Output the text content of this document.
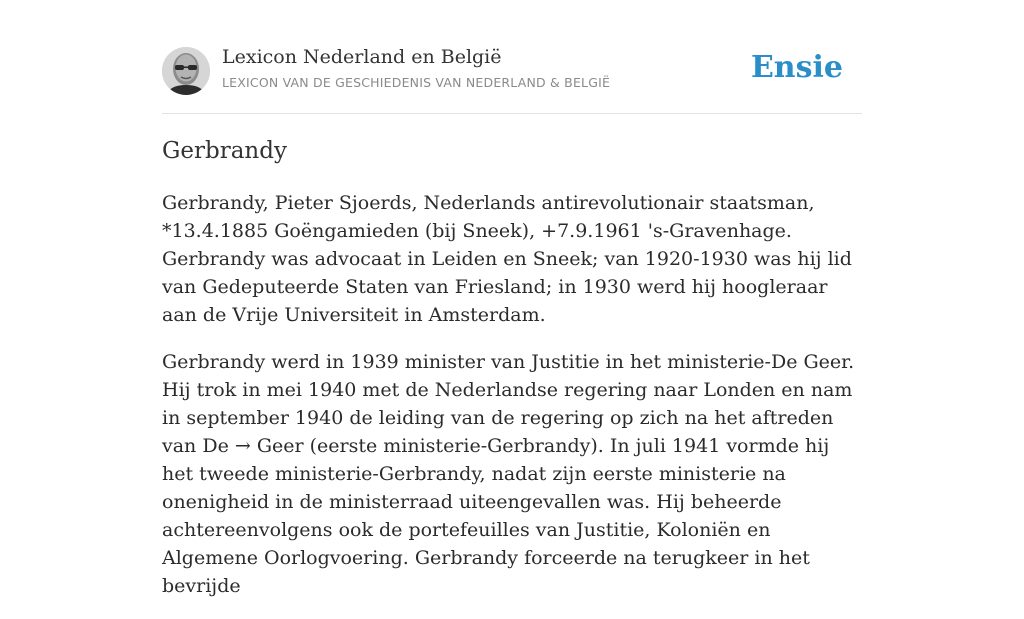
Lexicon Nederland en België
LEXICON VAN DE GESCHIEDENIS VAN NEDERLAND & BELGIË	Ensie
Gerbrandy

Gerbrandy, Pieter Sjoerds, Nederlands antirevolutionair staatsman, *13.4.1885 Goëngamieden (bij Sneek), +7.9.1961 's-Gravenhage. Gerbrandy was advocaat in Leiden en Sneek; van 1920-1930 was hij lid van Gedeputeerde Staten van Friesland; in 1930 werd hij hoogleraar aan de Vrije Universiteit in Amsterdam.

Gerbrandy werd in 1939 minister van Justitie in het ministerie-De Geer. Hij trok in mei 1940 met de Nederlandse regering naar Londen en nam in september 1940 de leiding van de regering op zich na het aftreden van De → Geer (eerste ministerie-Gerbrandy). In juli 1941 vormde hij het tweede ministerie-Gerbrandy, nadat zijn eerste ministerie na onenigheid in de ministerraad uiteengevallen was. Hij beheerde achtereenvolgens ook de portefeuilles van Justitie, Koloniën en Algemene Oorlogvoering. Gerbrandy forceerde na terugkeer in het bevrijde
